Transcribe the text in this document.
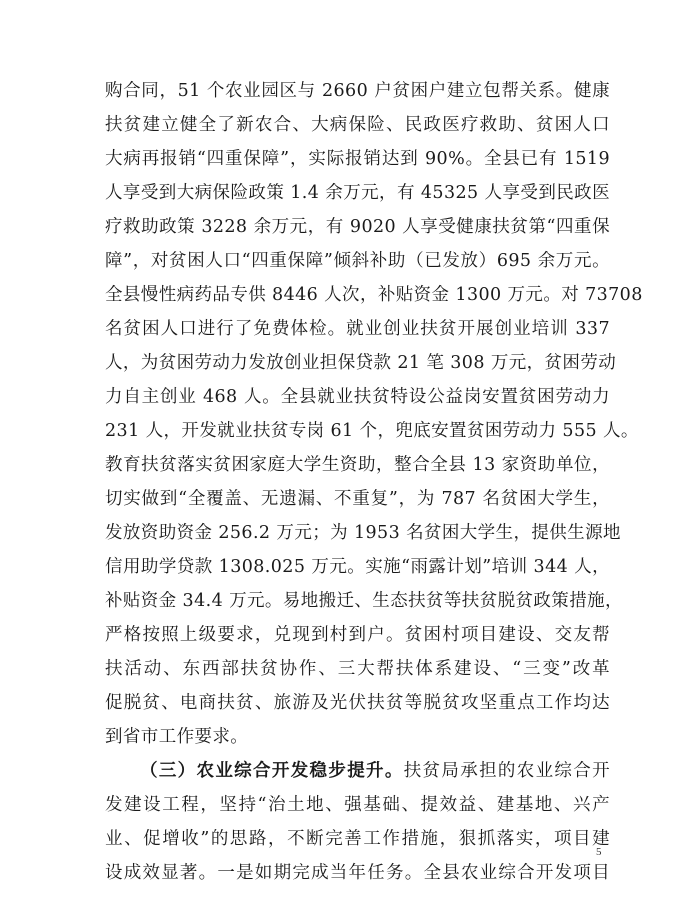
购合同，51 个农业园区与 2660 户贫困户建立包帮关系。健康
扶贫建立健全了新农合、大病保险、民政医疗救助、贫困人口
大病再报销“四重保障”，实际报销达到 90%。全县已有 1519
人享受到大病保险政策 1.4 余万元，有 45325 人享受到民政医
疗救助政策 3228 余万元，有 9020 人享受健康扶贫第“四重保
障”，对贫困人口“四重保障”倾斜补助（已发放）695 余万元。
全县慢性病药品专供 8446 人次，补贴资金 1300 万元。对 73708
名贫困人口进行了免费体检。就业创业扶贫开展创业培训 337
人，为贫困劳动力发放创业担保贷款 21 笔 308 万元，贫困劳动
力自主创业 468 人。全县就业扶贫特设公益岗安置贫困劳动力
231 人，开发就业扶贫专岗 61 个，兜底安置贫困劳动力 555 人。
教育扶贫落实贫困家庭大学生资助，整合全县 13 家资助单位，
切实做到“全覆盖、无遗漏、不重复”，为 787 名贫困大学生，
发放资助资金 256.2 万元；为 1953 名贫困大学生，提供生源地
信用助学贷款 1308.025 万元。实施“雨露计划”培训 344 人，
补贴资金 34.4 万元。易地搬迁、生态扶贫等扶贫脱贫政策措施，
严格按照上级要求，兑现到村到户。贫困村项目建设、交友帮
扶活动、东西部扶贫协作、三大帮扶体系建设、“三变”改革
促脱贫、电商扶贫、旅游及光伏扶贫等脱贫攻坚重点工作均达
到省市工作要求。
（三）农业综合开发稳步提升。扶贫局承担的农业综合开
发建设工程，坚持“治土地、强基础、提效益、建基地、兴产
业、促增收”的思路，不断完善工作措施，狠抓落实，项目建
设成效显著。一是如期完成当年任务。全县农业综合开发项目
5
